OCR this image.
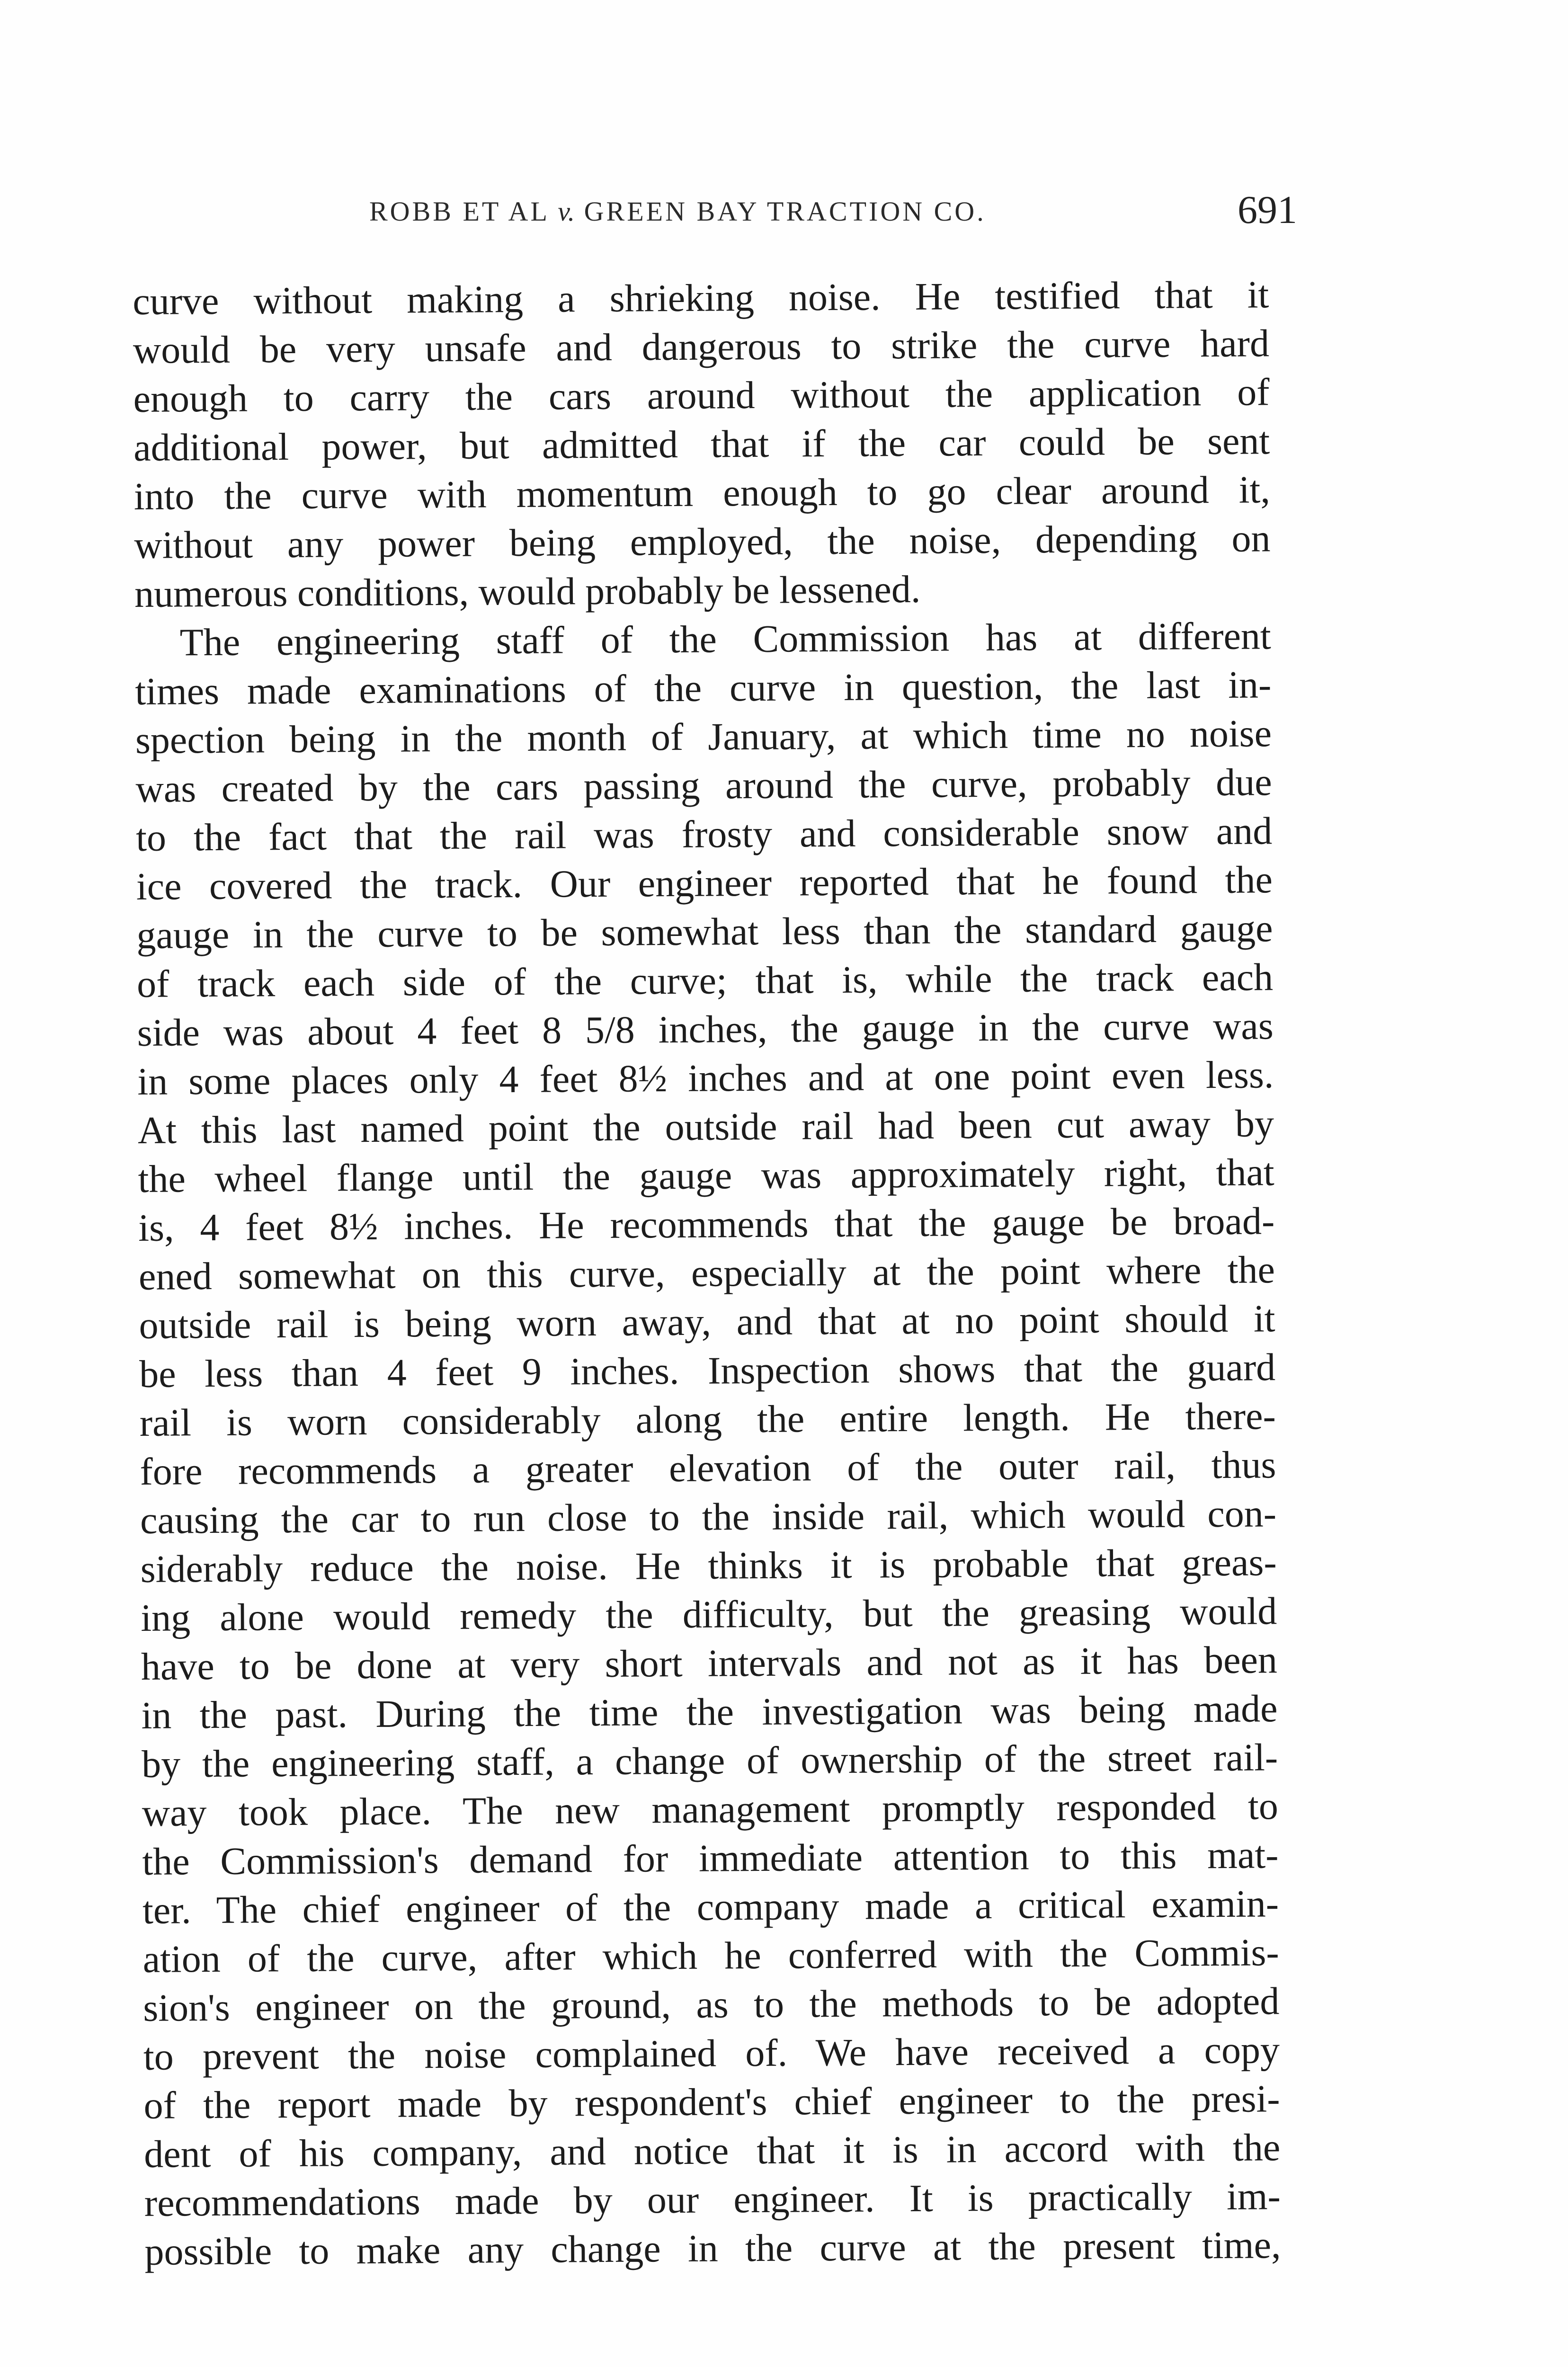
ROBB ET AL v. GREEN BAY TRACTION CO.	691
curve without making a shrieking noise. He testified that it
would be very unsafe and dangerous to strike the curve hard
enough to carry the cars around without the application of
additional power, but admitted that if the car could be sent
into the curve with momentum enough to go clear around it,
without any power being employed, the noise, depending on
numerous conditions, would probably be lessened.
The engineering staff of the Commission has at different
times made examinations of the curve in question, the last in-
spection being in the month of January, at which time no noise
was created by the cars passing around the curve, probably due
to the fact that the rail was frosty and considerable snow and
ice covered the track. Our engineer reported that he found the
gauge in the curve to be somewhat less than the standard gauge
of track each side of the curve; that is, while the track each
side was about 4 feet 8 5/8 inches, the gauge in the curve was
in some places only 4 feet 8½ inches and at one point even less.
At this last named point the outside rail had been cut away by
the wheel flange until the gauge was approximately right, that
is, 4 feet 8½ inches. He recommends that the gauge be broad-
ened somewhat on this curve, especially at the point where the
outside rail is being worn away, and that at no point should it
be less than 4 feet 9 inches. Inspection shows that the guard
rail is worn considerably along the entire length. He there-
fore recommends a greater elevation of the outer rail, thus
causing the car to run close to the inside rail, which would con-
siderably reduce the noise. He thinks it is probable that greas-
ing alone would remedy the difficulty, but the greasing would
have to be done at very short intervals and not as it has been
in the past. During the time the investigation was being made
by the engineering staff, a change of ownership of the street rail-
way took place. The new management promptly responded to
the Commission's demand for immediate attention to this mat-
ter. The chief engineer of the company made a critical examin-
ation of the curve, after which he conferred with the Commis-
sion's engineer on the ground, as to the methods to be adopted
to prevent the noise complained of. We have received a copy
of the report made by respondent's chief engineer to the presi-
dent of his company, and notice that it is in accord with the
recommendations made by our engineer. It is practically im-
possible to make any change in the curve at the present time,
